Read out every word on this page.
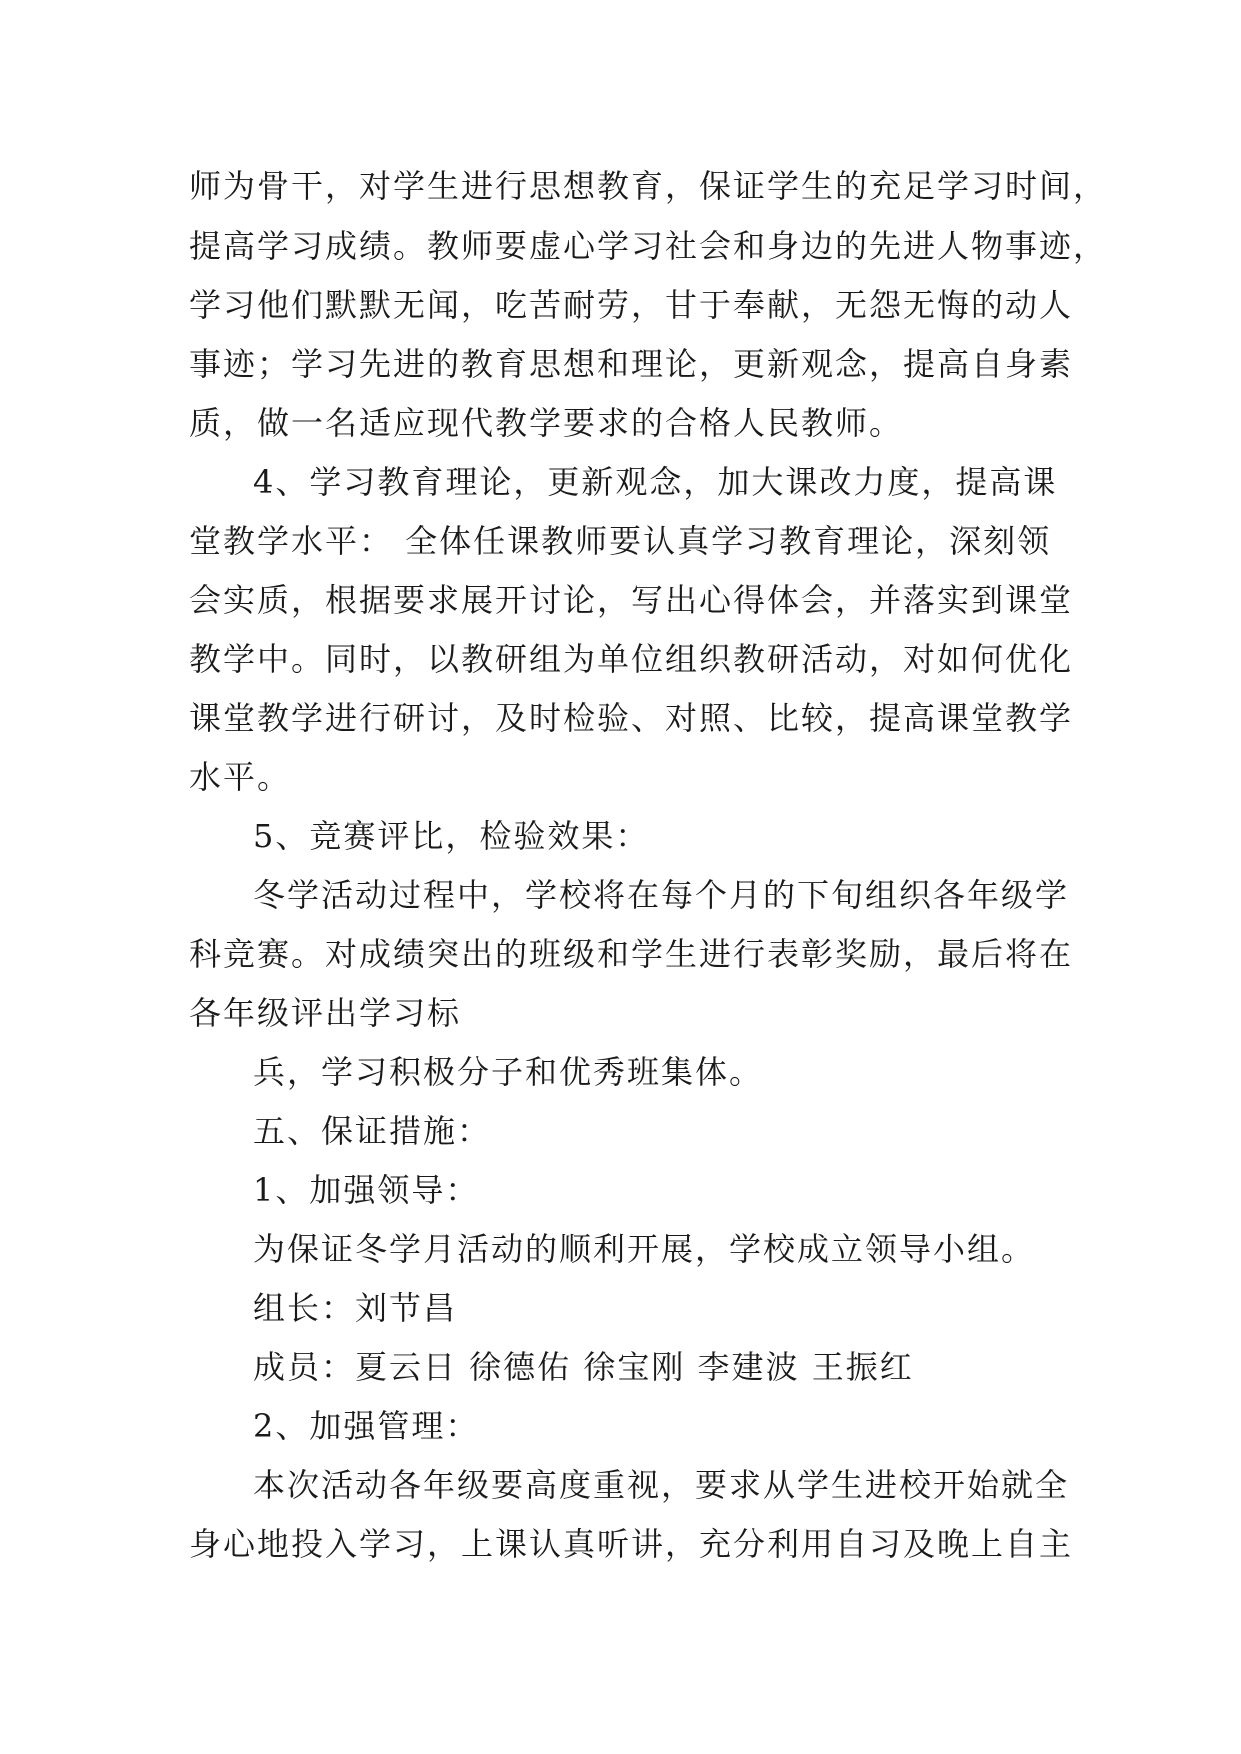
师为骨干，对学生进行思想教育，保证学生的充足学习时间，
提高学习成绩。教师要虚心学习社会和身边的先进人物事迹，
学习他们默默无闻，吃苦耐劳，甘于奉献，无怨无悔的动人
事迹；学习先进的教育思想和理论，更新观念，提高自身素
质，做一名适应现代教学要求的合格人民教师。
4、学习教育理论，更新观念，加大课改力度，提高课
堂教学水平： 全体任课教师要认真学习教育理论，深刻领
会实质，根据要求展开讨论，写出心得体会，并落实到课堂
教学中。同时，以教研组为单位组织教研活动，对如何优化
课堂教学进行研讨，及时检验、对照、比较，提高课堂教学
水平。
5、竞赛评比，检验效果：
冬学活动过程中，学校将在每个月的下旬组织各年级学
科竞赛。对成绩突出的班级和学生进行表彰奖励，最后将在
各年级评出学习标
兵，学习积极分子和优秀班集体。
五、保证措施：
1、加强领导：
为保证冬学月活动的顺利开展，学校成立领导小组。
组长：刘节昌
成员：夏云日 徐德佑 徐宝刚 李建波 王振红
2、加强管理：
本次活动各年级要高度重视，要求从学生进校开始就全
身心地投入学习，上课认真听讲，充分利用自习及晚上自主
